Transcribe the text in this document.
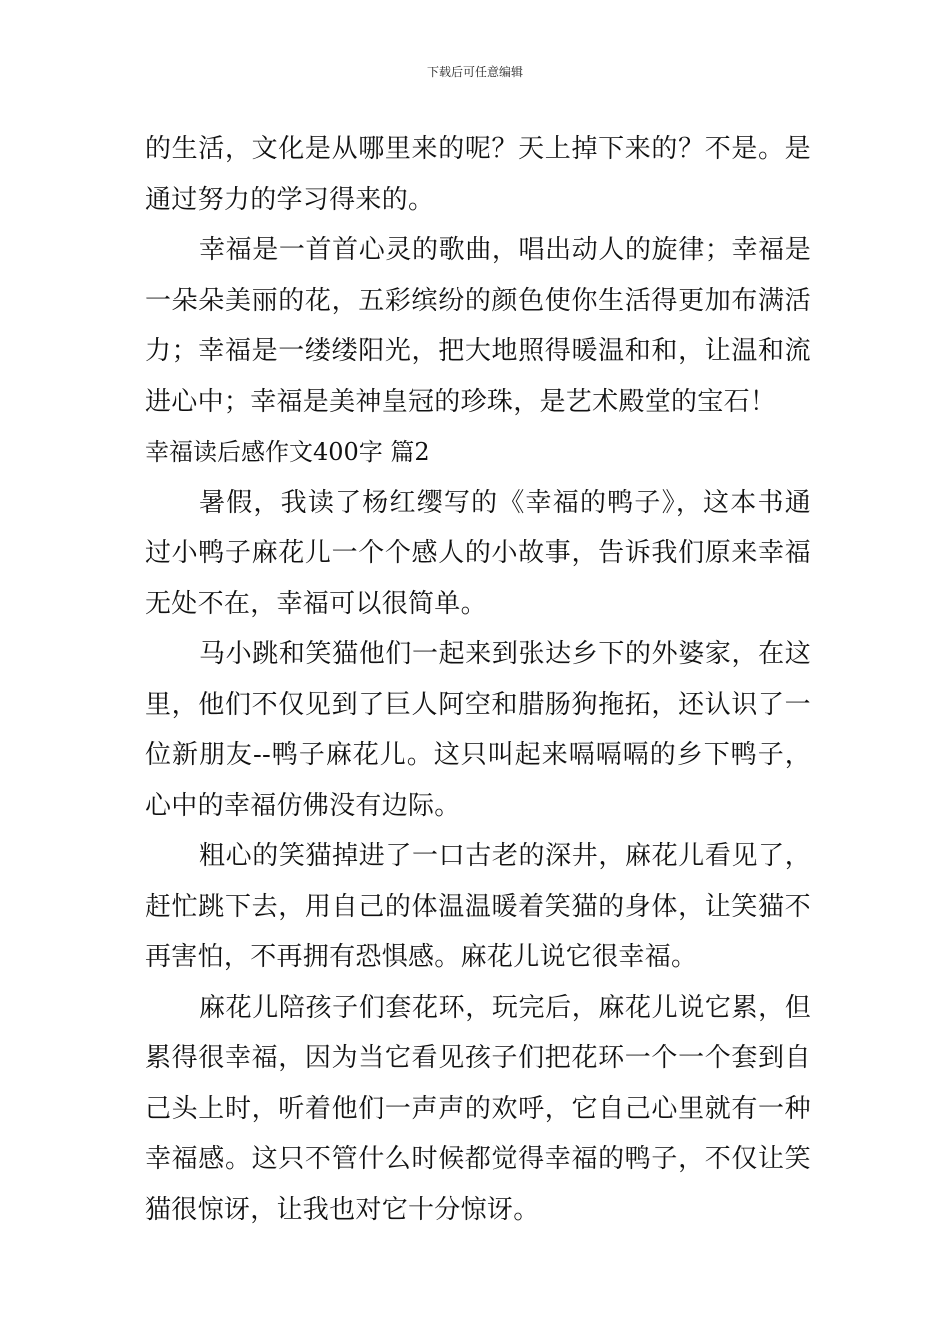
下载后可任意编辑

的生活，文化是从哪里来的呢？天上掉下来的？不是。是通过努力的学习得来的。

幸福是一首首心灵的歌曲，唱出动人的旋律；幸福是一朵朵美丽的花，五彩缤纷的颜色使你生活得更加布满活力；幸福是一缕缕阳光，把大地照得暖温和和，让温和流进心中；幸福是美神皇冠的珍珠，是艺术殿堂的宝石！

幸福读后感作文400字 篇2

暑假，我读了杨红缨写的《幸福的鸭子》，这本书通过小鸭子麻花儿一个个感人的小故事，告诉我们原来幸福无处不在，幸福可以很简单。

马小跳和笑猫他们一起来到张达乡下的外婆家，在这里，他们不仅见到了巨人阿空和腊肠狗拖拓，还认识了一位新朋友--鸭子麻花儿。这只叫起来嗝嗝嗝的乡下鸭子，心中的幸福仿佛没有边际。

粗心的笑猫掉进了一口古老的深井，麻花儿看见了，赶忙跳下去，用自己的体温温暖着笑猫的身体，让笑猫不再害怕，不再拥有恐惧感。麻花儿说它很幸福。

麻花儿陪孩子们套花环，玩完后，麻花儿说它累，但累得很幸福，因为当它看见孩子们把花环一个一个套到自己头上时，听着他们一声声的欢呼，它自己心里就有一种幸福感。这只不管什么时候都觉得幸福的鸭子，不仅让笑猫很惊讶，让我也对它十分惊讶。
